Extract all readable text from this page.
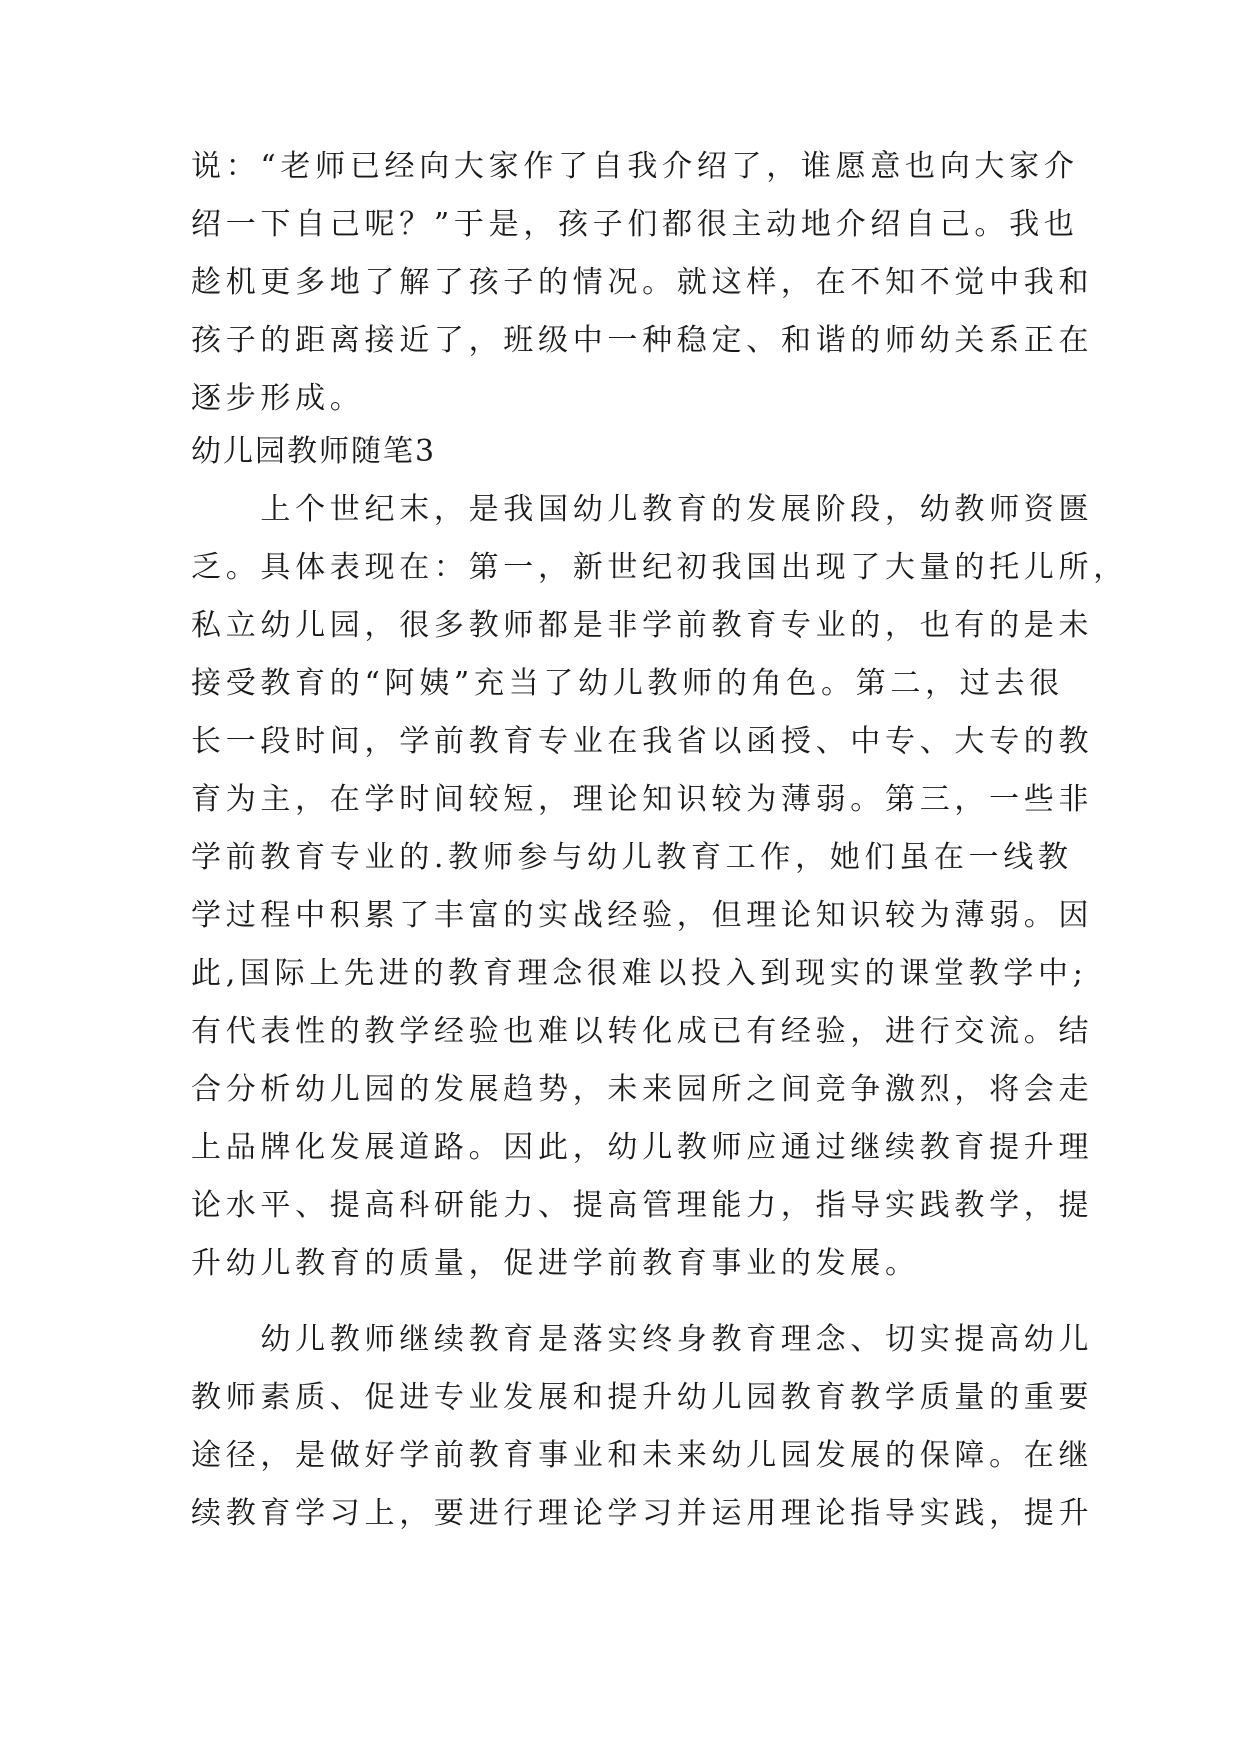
说：“老师已经向大家作了自我介绍了，谁愿意也向大家介

绍一下自己呢？”于是，孩子们都很主动地介绍自己。我也

趁机更多地了解了孩子的情况。就这样，在不知不觉中我和

孩子的距离接近了，班级中一种稳定、和谐的师幼关系正在

逐步形成。

幼儿园教师随笔3

　　上个世纪末，是我国幼儿教育的发展阶段，幼教师资匮

乏。具体表现在：第一，新世纪初我国出现了大量的托儿所，

私立幼儿园，很多教师都是非学前教育专业的，也有的是未

接受教育的“阿姨”充当了幼儿教师的角色。第二，过去很

长一段时间，学前教育专业在我省以函授、中专、大专的教

育为主，在学时间较短，理论知识较为薄弱。第三，一些非

学前教育专业的.教师参与幼儿教育工作，她们虽在一线教

学过程中积累了丰富的实战经验，但理论知识较为薄弱。因

此,国际上先进的教育理念很难以投入到现实的课堂教学中;

有代表性的教学经验也难以转化成已有经验，进行交流。结

合分析幼儿园的发展趋势，未来园所之间竞争激烈，将会走

上品牌化发展道路。因此，幼儿教师应通过继续教育提升理

论水平、提高科研能力、提高管理能力，指导实践教学，提

升幼儿教育的质量，促进学前教育事业的发展。

　　幼儿教师继续教育是落实终身教育理念、切实提高幼儿

教师素质、促进专业发展和提升幼儿园教育教学质量的重要

途径，是做好学前教育事业和未来幼儿园发展的保障。在继

续教育学习上，要进行理论学习并运用理论指导实践，提升
